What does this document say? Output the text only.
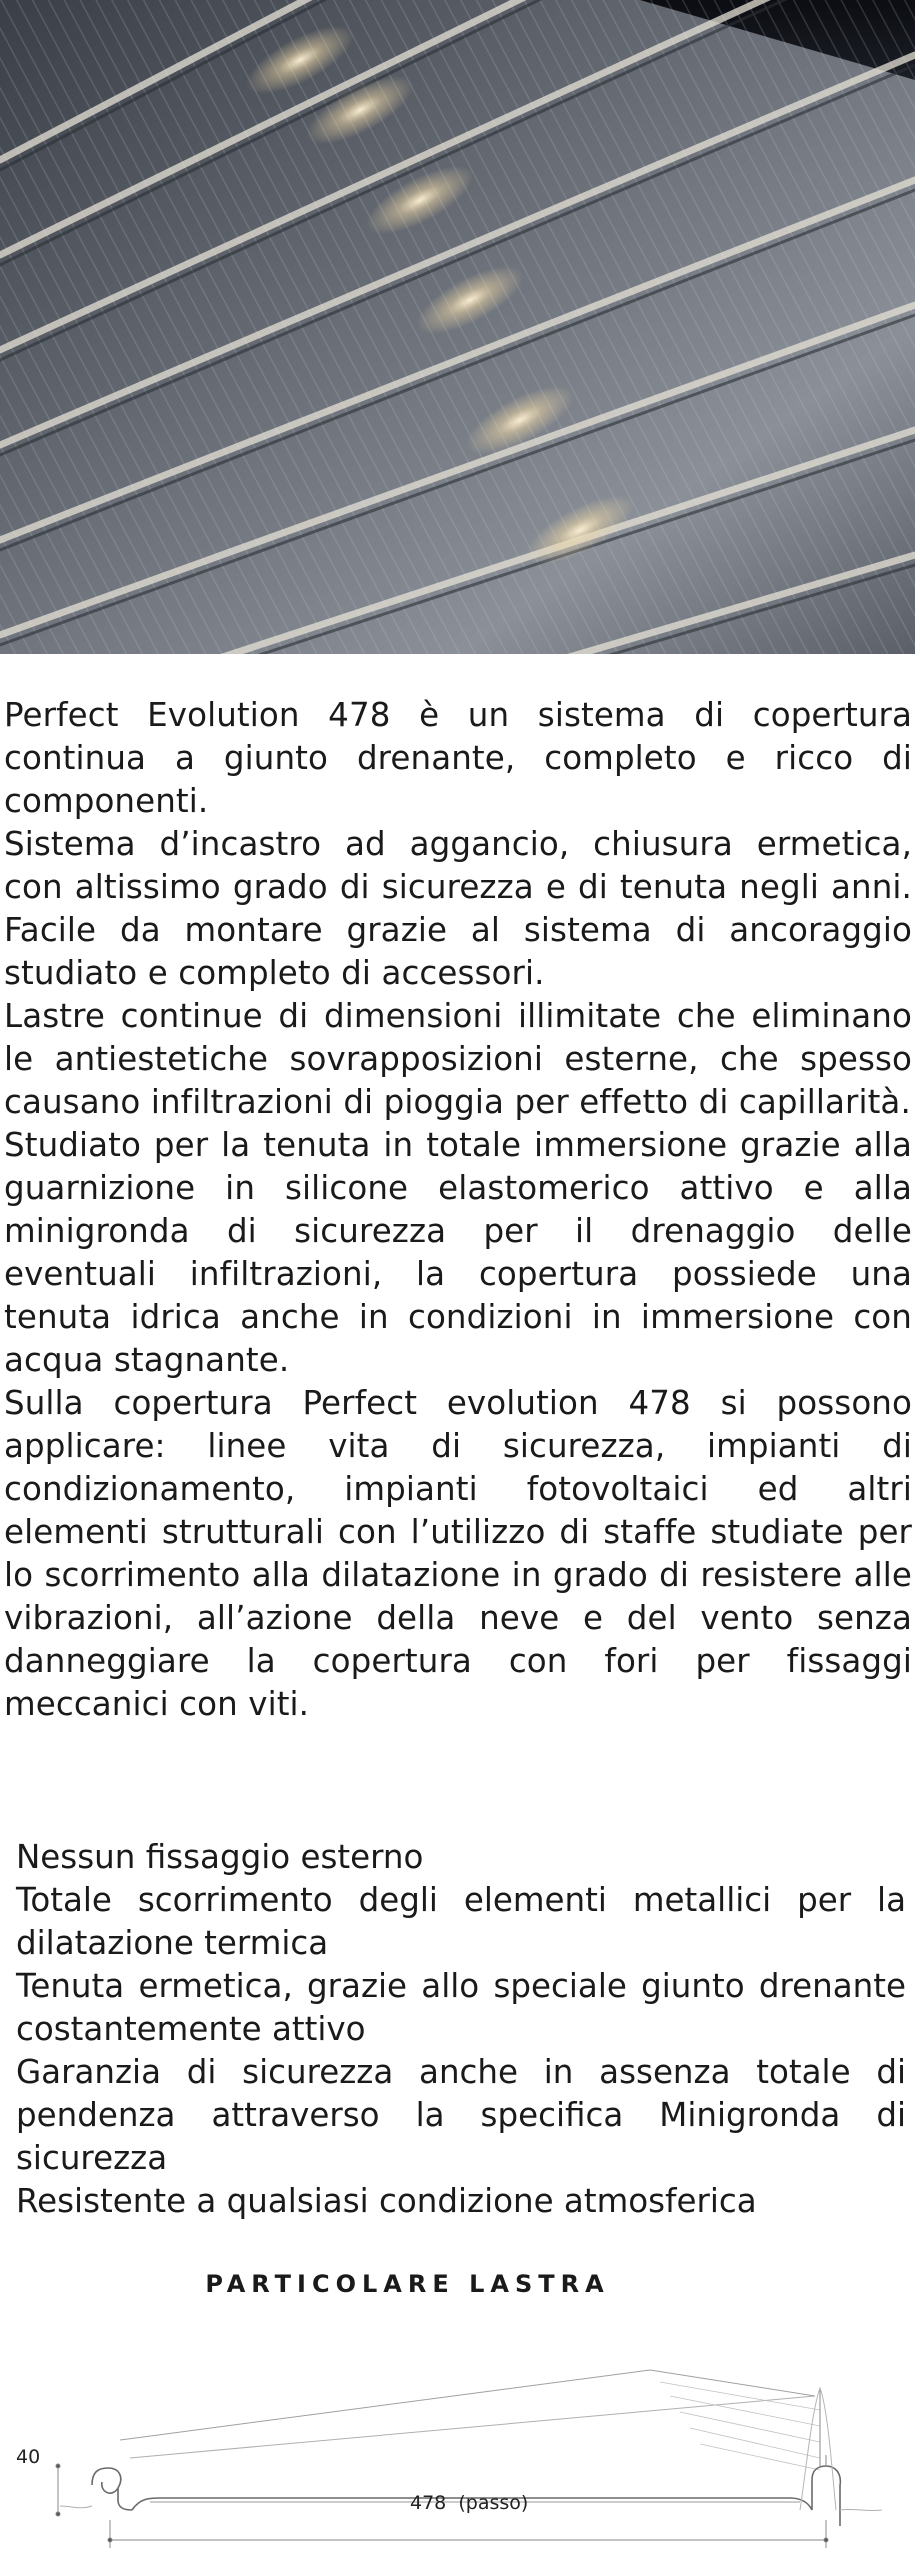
Perfect Evolution 478 è un sistema di copertura continua a giunto drenante, completo e ricco di componenti.

Sistema d’incastro ad aggancio, chiusura ermetica, con altissimo grado di sicurezza e di tenuta negli anni. Facile da montare grazie al sistema di ancoraggio studiato e completo di accessori.

Lastre continue di dimensioni illimitate che eliminano le antiestetiche sovrapposizioni esterne, che spesso causano infiltrazioni di pioggia per effetto di capillarità.

Studiato per la tenuta in totale immersione grazie alla guarnizione in silicone elastomerico attivo e alla minigronda di sicurezza per il drenaggio delle eventuali infiltrazioni, la copertura possiede una tenuta idrica anche in condizioni in immersione con acqua stagnante.

Sulla copertura Perfect evolution 478 si possono applicare: linee vita di sicurezza, impianti di condizionamento, impianti fotovoltaici ed altri elementi strutturali con l’utilizzo di staffe studiate per lo scorrimento alla dilatazione in grado di resistere alle vibrazioni, all’azione della neve e del vento senza danneggiare la copertura con fori per fissaggi meccanici con viti.

Nessun fissaggio esterno
Totale scorrimento degli elementi metallici per la dilatazione termica
Tenuta ermetica, grazie allo speciale giunto drenante costantemente attivo
Garanzia di sicurezza anche in assenza totale di pendenza attraverso la specifica Minigronda di sicurezza
Resistente a qualsiasi condizione atmosferica
PARTICOLARE LASTRA
40
478  (passo)
